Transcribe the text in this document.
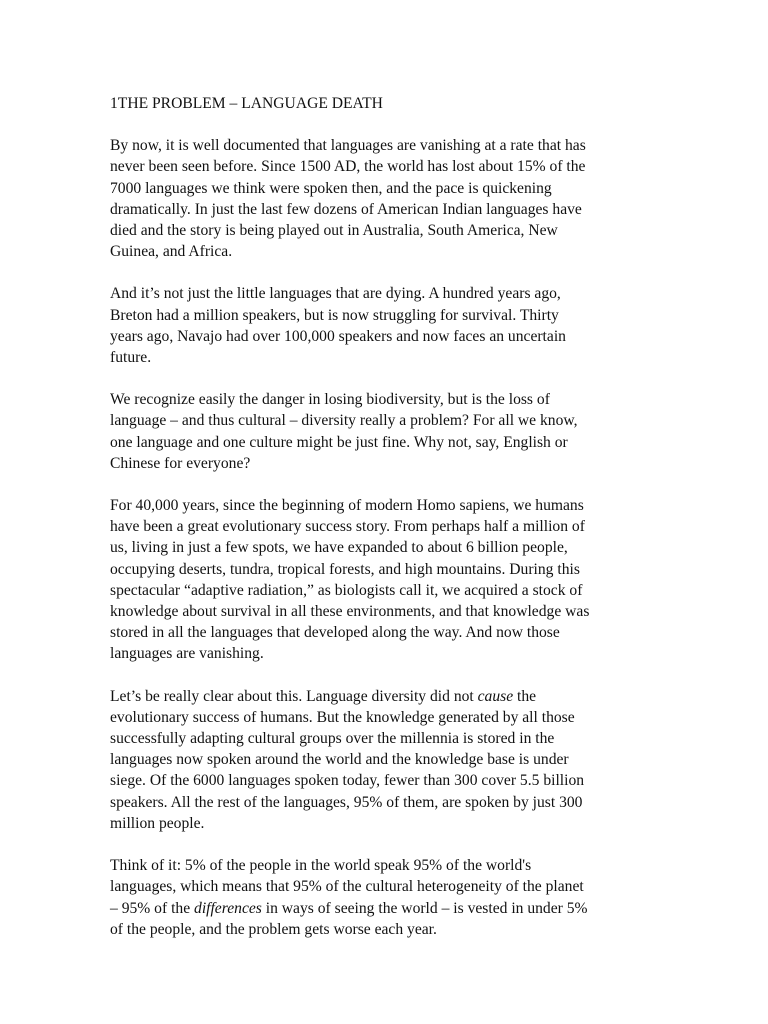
1THE PROBLEM – LANGUAGE DEATH
By now, it is well documented that languages are vanishing at a rate that has
never been seen before. Since 1500 AD, the world has lost about 15% of the
7000 languages we think were spoken then, and the pace is quickening
dramatically. In just the last few dozens of American Indian languages have
died and the story is being played out in Australia, South America, New
Guinea, and Africa.
And it’s not just the little languages that are dying. A hundred years ago,
Breton had a million speakers, but is now struggling for survival. Thirty
years ago, Navajo had over 100,000 speakers and now faces an uncertain
future.
We recognize easily the danger in losing biodiversity, but is the loss of
language – and thus cultural – diversity really a problem? For all we know,
one language and one culture might be just fine. Why not, say, English or
Chinese for everyone?
For 40,000 years, since the beginning of modern Homo sapiens, we humans
have been a great evolutionary success story. From perhaps half a million of
us, living in just a few spots, we have expanded to about 6 billion people,
occupying deserts, tundra, tropical forests, and high mountains. During this
spectacular “adaptive radiation,” as biologists call it, we acquired a stock of
knowledge about survival in all these environments, and that knowledge was
stored in all the languages that developed along the way. And now those
languages are vanishing.
Let’s be really clear about this. Language diversity did not cause the
evolutionary success of humans. But the knowledge generated by all those
successfully adapting cultural groups over the millennia is stored in the
languages now spoken around the world and the knowledge base is under
siege. Of the 6000 languages spoken today, fewer than 300 cover 5.5 billion
speakers. All the rest of the languages, 95% of them, are spoken by just 300
million people.
Think of it: 5% of the people in the world speak 95% of the world's
languages, which means that 95% of the cultural heterogeneity of the planet
– 95% of the differences in ways of seeing the world – is vested in under 5%
of the people, and the problem gets worse each year.
